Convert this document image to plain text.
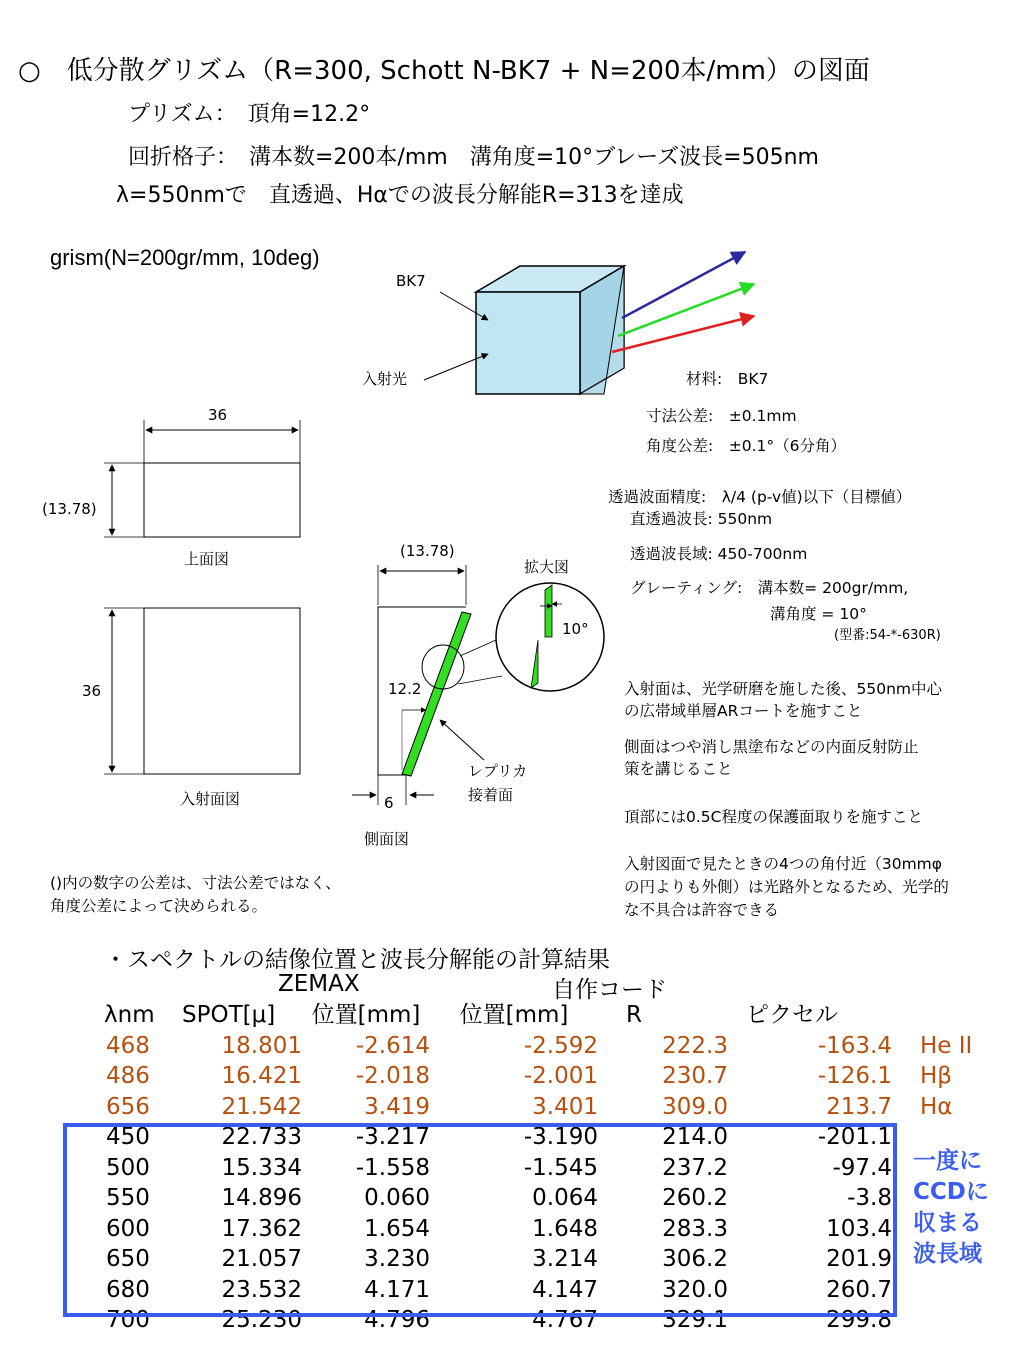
○　低分散グリズム（R=300, Schott N-BK7 + N=200本/mm）の図面
プリズム：　頂角=12.2°
回折格子：　溝本数=200本/mm　溝角度=10°ブレーズ波長=505nm
λ=550nmで　直透過、Hαでの波長分解能R=313を達成
grism(N=200gr/mm, 10deg)
BK7
入射光
36
(13.78)
上面図
36
入射面図
(13.78)
12.2
6
側面図
拡大図
10°
レプリカ
接着面
()内の数字の公差は、寸法公差ではなく、
角度公差によって決められる。
材料:　BK7
寸法公差:　±0.1mm
角度公差:　±0.1°（6分角）
透過波面精度:　λ/4 (p-v値)以下（目標値）
直透過波長: 550nm
透過波長域: 450-700nm
グレーティング:　溝本数= 200gr/mm,
溝角度 = 10°
(型番:54-*-630R)
入射面は、光学研磨を施した後、550nm中心
の広帯域単層ARコートを施すこと
側面はつや消し黒塗布などの内面反射防止
策を講じること
頂部には0.5C程度の保護面取りを施すこと
入射図面で見たときの4つの角付近（30mmφ
の円よりも外側）は光路外となるため、光学的
な不具合は許容できる
・スペクトルの結像位置と波長分解能の計算結果
ZEMAX	自作コード
λnm	SPOT[μ]	位置[mm]	位置[mm]	R	ピクセル	
468	18.801	-2.614	-2.592	222.3	-163.4	He II
486	16.421	-2.018	-2.001	230.7	-126.1	Hβ
656	21.542	3.419	3.401	309.0	213.7	Hα
450	22.733	-3.217	-3.190	214.0	-201.1	
500	15.334	-1.558	-1.545	237.2	-97.4	
550	14.896	0.060	0.064	260.2	-3.8	
600	17.362	1.654	1.648	283.3	103.4	
650	21.057	3.230	3.214	306.2	201.9	
680	23.532	4.171	4.147	320.0	260.7	
700	25.230	4.796	4.767	329.1	299.8	
一度に
CCDに
収まる
波長域
